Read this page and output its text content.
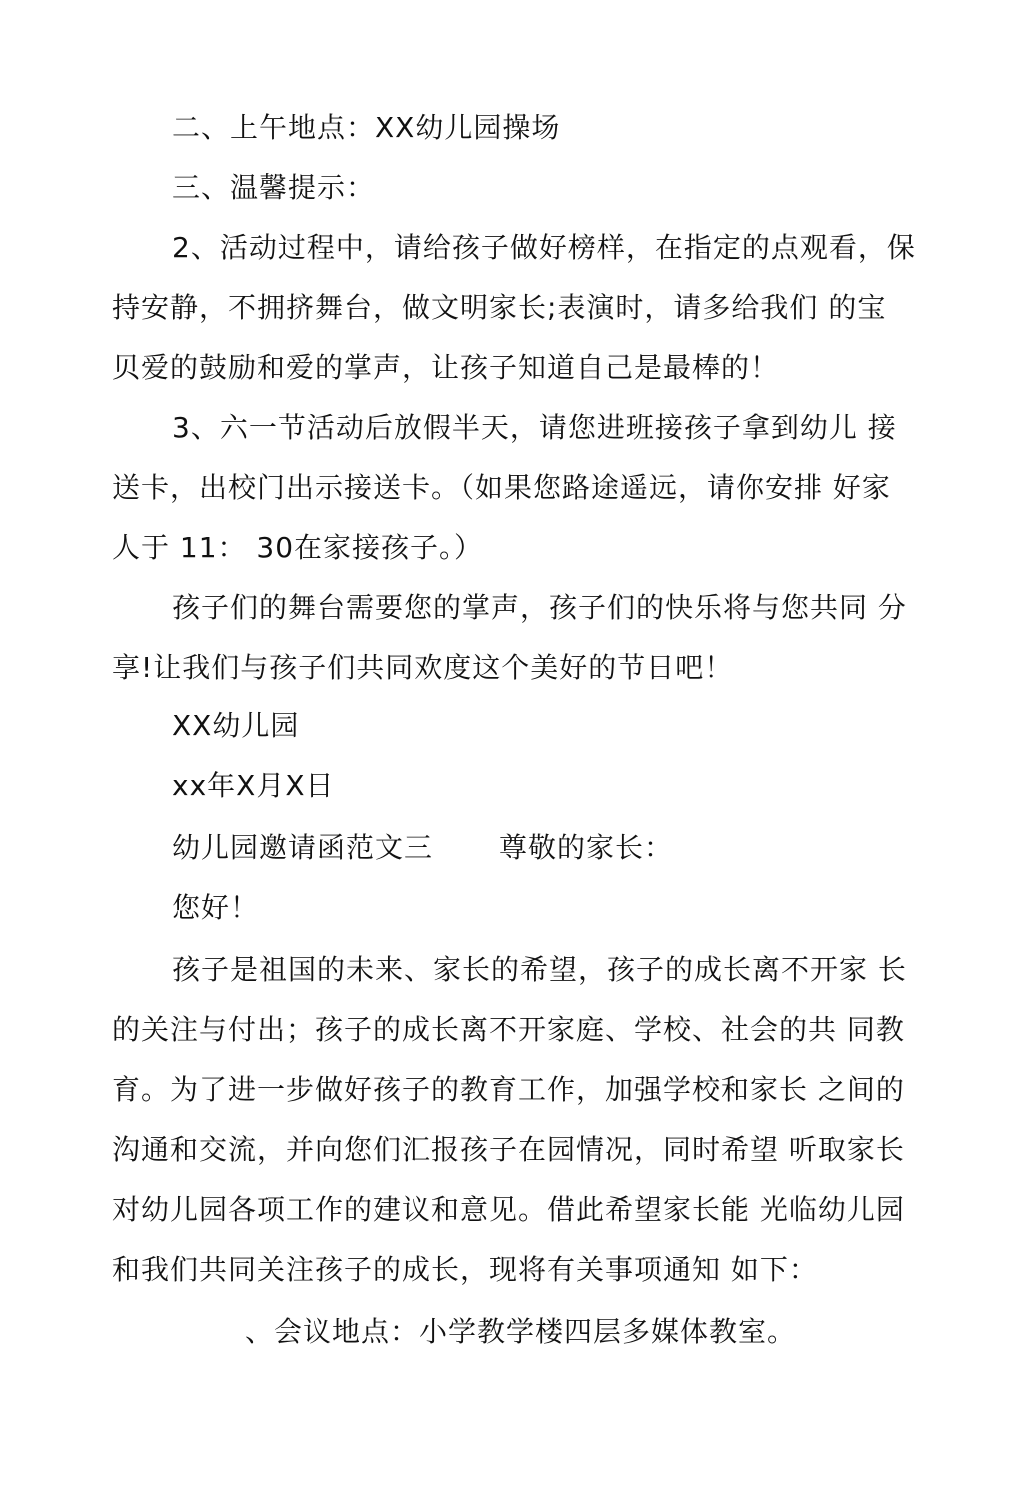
二、上午地点：XX幼儿园操场
三、温馨提示：
2、活动过程中，请给孩子做好榜样，在指定的点观看，保
持安静，不拥挤舞台，做文明家长;表演时，请多给我们 的宝
贝爱的鼓励和爱的掌声，让孩子知道自己是最棒的！
3、六一节活动后放假半天，请您进班接孩子拿到幼儿 接
送卡，出校门出示接送卡。（如果您路途遥远，请你安排 好家
人于 11： 30在家接孩子。）
孩子们的舞台需要您的掌声，孩子们的快乐将与您共同 分
享!让我们与孩子们共同欢度这个美好的节日吧！
XX幼儿园
xx年X月X日
幼儿园邀请函范文三 尊敬的家长：
您好！
孩子是祖国的未来、家长的希望，孩子的成长离不开家 长
的关注与付出；孩子的成长离不开家庭、学校、社会的共 同教
育。为了进一步做好孩子的教育工作，加强学校和家长 之间的
沟通和交流，并向您们汇报孩子在园情况，同时希望 听取家长
对幼儿园各项工作的建议和意见。借此希望家长能 光临幼儿园
和我们共同关注孩子的成长，现将有关事项通知 如下：
、会议地点：小学教学楼四层多媒体教室。
